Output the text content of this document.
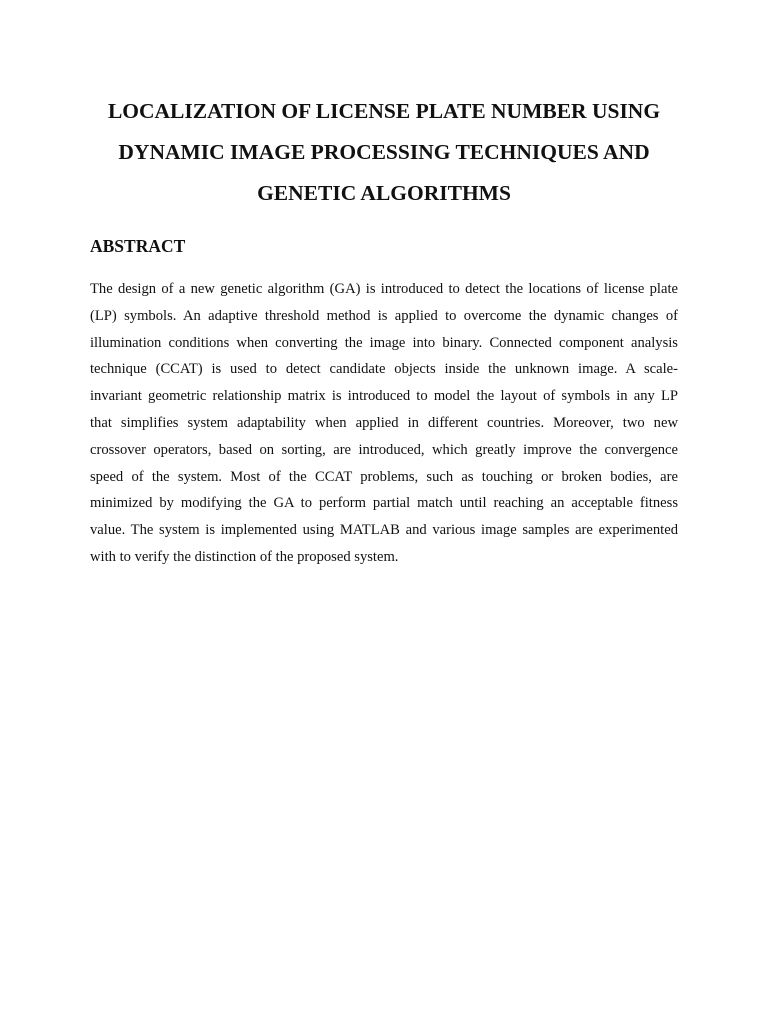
LOCALIZATION OF LICENSE PLATE NUMBER USING
DYNAMIC IMAGE PROCESSING TECHNIQUES AND
GENETIC ALGORITHMS
ABSTRACT
The design of a new genetic algorithm (GA) is introduced to detect the locations of license plate
(LP) symbols. An adaptive threshold method is applied to overcome the dynamic changes of
illumination conditions when converting the image into binary. Connected component analysis
technique (CCAT) is used to detect candidate objects inside the unknown image. A scale-
invariant geometric relationship matrix is introduced to model the layout of symbols in any LP
that simplifies system adaptability when applied in different countries. Moreover, two new
crossover operators, based on sorting, are introduced, which greatly improve the convergence
speed of the system. Most of the CCAT problems, such as touching or broken bodies, are
minimized by modifying the GA to perform partial match until reaching an acceptable fitness
value. The system is implemented using MATLAB and various image samples are experimented
with to verify the distinction of the proposed system.
